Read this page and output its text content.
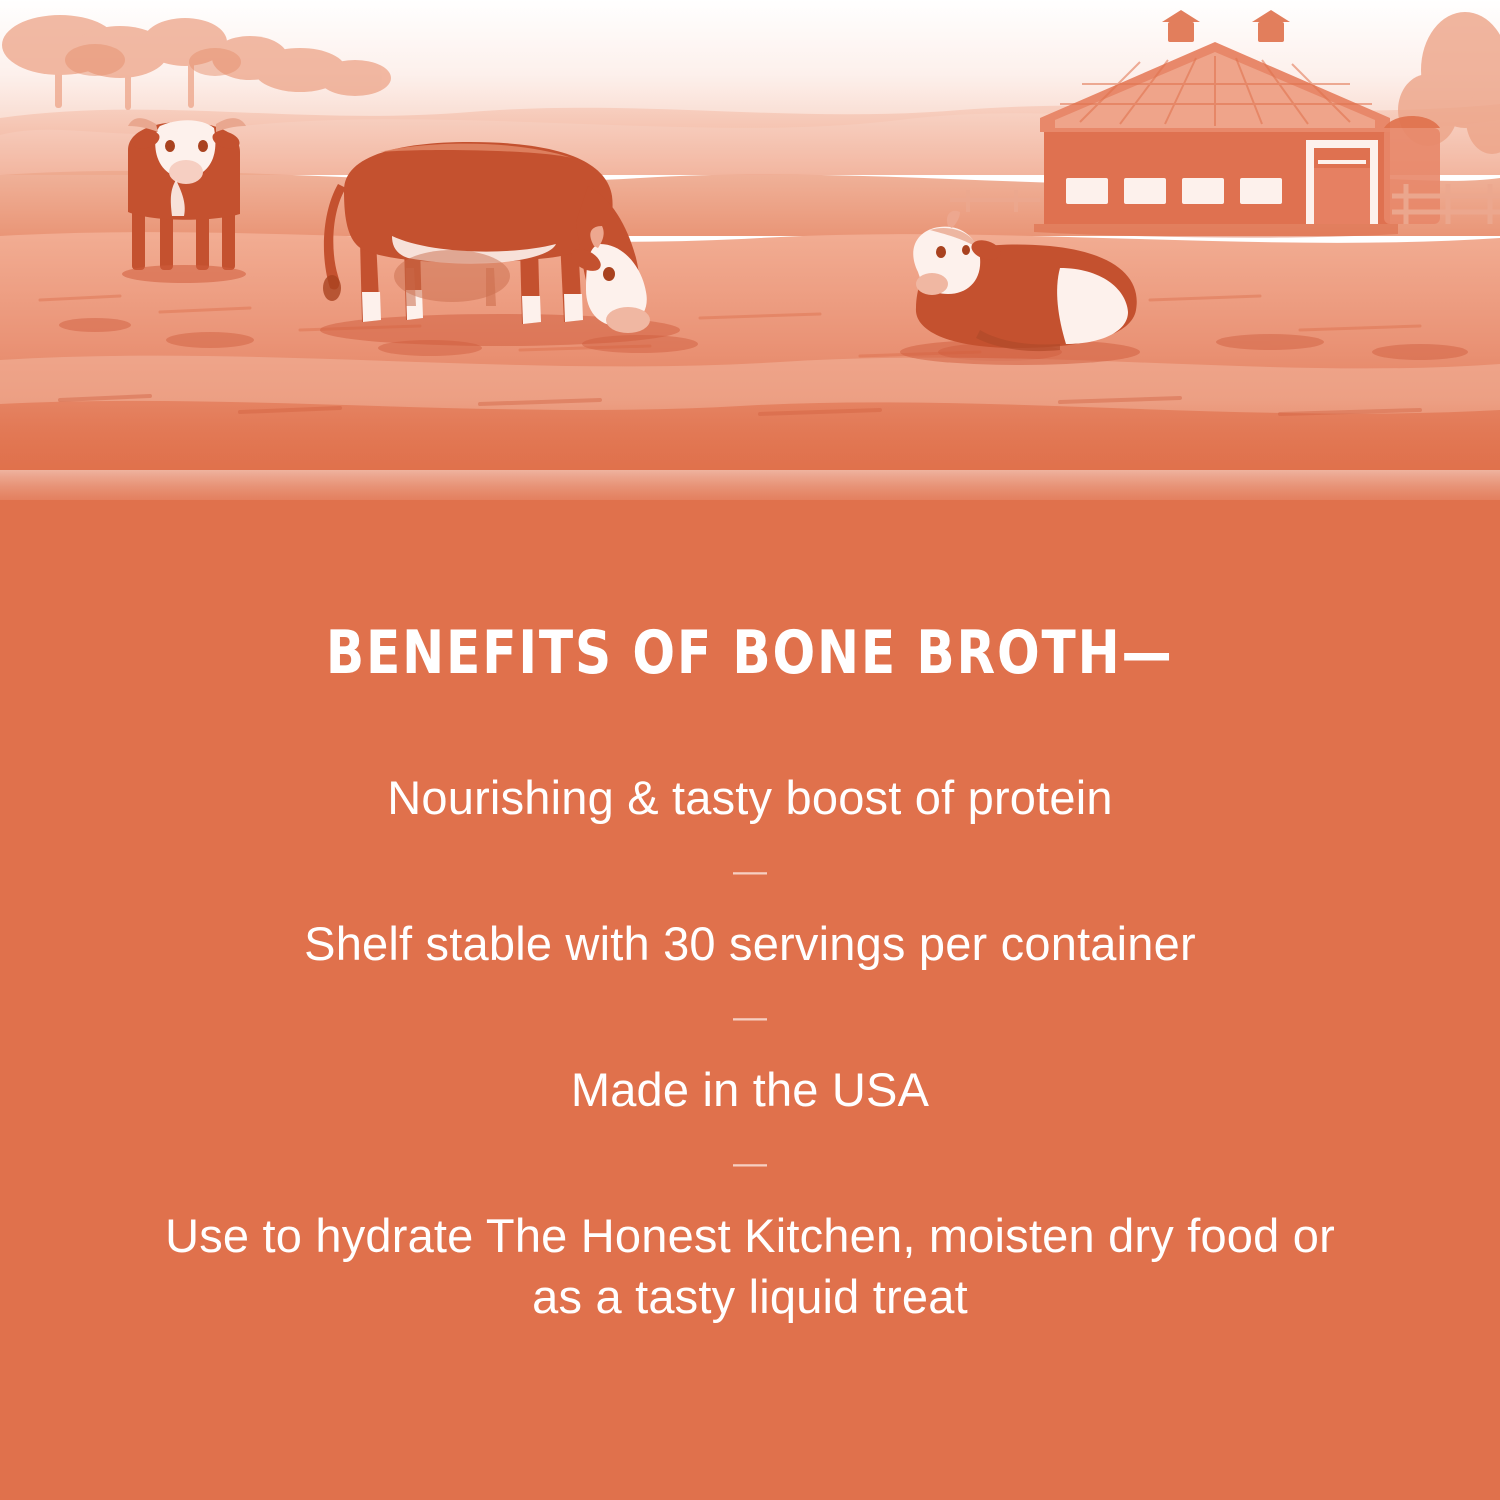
BENEFITS OF BONE BROTH—
Nourishing & tasty boost of protein
—
Shelf stable with 30 servings per container
—
Made in the USA
—
Use to hydrate The Honest Kitchen, moisten dry food or as a tasty liquid treat
